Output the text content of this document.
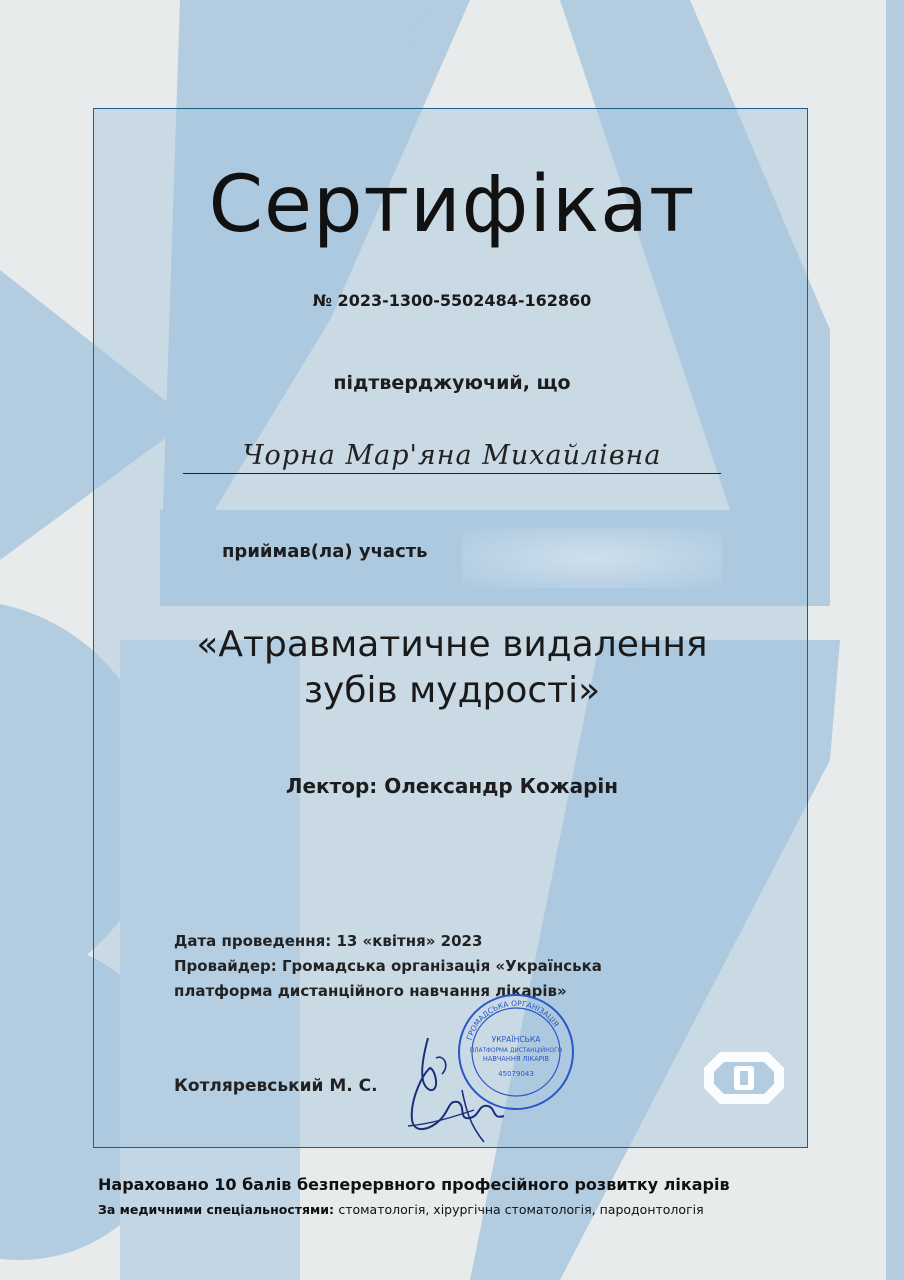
Сертифікат
№ 2023-1300-5502484-162860
підтверджуючий, що
Чорна Мар'яна Михайлівна
приймав(ла) участь
«Атравматичне видалення
зубів мудрості»
Лектор: Олександр Кожарін
Дата проведення: 13 «квітня» 2023
Провайдер: Громадська організація «Українська
платформа дистанційного навчання лікарів»
Котляревський М. С.
ГРОМАДСЬКА ОРГАНІЗАЦІЯ
УКРАЇНСЬКА
ПЛАТФОРМА ДИСТАНЦІЙНОГО
НАВЧАННЯ ЛІКАРІВ
45079043
Нараховано 10 балів безперервного професійного розвитку лікарів
За медичними спеціальностями: стоматологія, хірургічна стоматологія, пародонтологія
